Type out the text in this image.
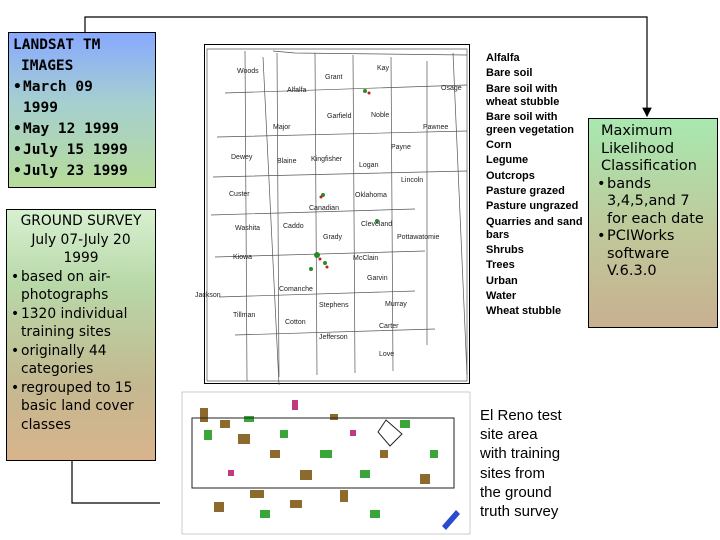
LANDSAT TM
IMAGES
• March 09
1999
• May 12 1999
• July 15 1999
• July 23 1999
GROUND SURVEY
July 07-July 20
1999
• based on air-
photographs
• 1320 individual
training sites
• originally 44
categories
• regrouped to 15
basic land cover
classes
Woods
Grant
Kay
Alfalfa	Osage
Garfield	Noble
Major	Pawnee
Payne
Dewey
Blaine Kingfisher
Logan
Lincoln
Custer
Canadian
Oklahoma
Washita	Caddo
Grady
Cleveland
Pottawatomie
Kiowa	McClain
Comanche
Garvin
Jackson
Stephens	Murray
Tillman
Cotton
Carter
Jefferson
Love
Alfalfa
Bare soil
Bare soil with wheat stubble
Bare soil with green vegetation
Corn
Legume
Outcrops
Pasture grazed
Pasture ungrazed
Quarries and sand bars
Shrubs
Trees
Urban
Water
Wheat stubble
El Reno test
site area
with training
sites from
the ground
truth survey
Maximum
Likelihood
Classification
• bands
3,4,5,and 7
for each date
• PCIWorks
software
V.6.3.0
